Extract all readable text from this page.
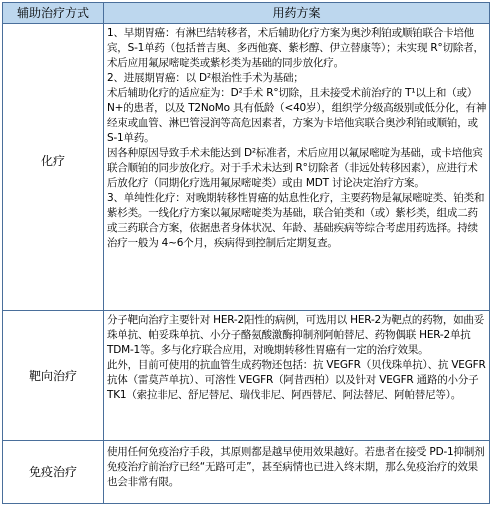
辅助治疗方式	用药方案
化疗

1、早期胃癌：有淋巴结转移者，术后辅助化疗方案为奥沙利铂或顺铂联合卡培他宾，S-1单药（包括普吉奥、多西他赛、紫杉醇、伊立替康等）；未实现 R°切除者，术后应用氟尿嘧啶类或紫杉类为基础的同步放化疗。

2、进展期胃癌：以 D²根治性手术为基础；

术后辅助化疗的适应症为：D²手术 R°切除，且未接受术前治疗的 T¹以上和（或）N+的患者，以及 T2NoMo 具有低龄（<40岁），组织学分级高级别或低分化，有神经束或血管、淋巴管浸润等高危因素者，方案为卡培他宾联合奥沙利铂或顺铂，或 S-1单药。

因各种原因导致手术未能达到 D²标准者，术后应用以氟尿嘧啶为基础，或卡培他宾联合顺铂的同步放化疗。对于手术未达到 R°切除者（非远处转移因素），应进行术后放化疗（同期化疗选用氟尿嘧啶类）或由 MDT 讨论决定治疗方案。

3、单纯性化疗：对晚期转移性胃癌的姑息性化疗，主要药物是氟尿嘧啶类、铂类和紫杉类。一线化疗方案以氟尿嘧啶类为基础，联合铂类和（或）紫杉类，组成二药或三药联合方案，依据患者身体状况、年龄、基础疾病等综合考虑用药选择。持续治疗一般为 4~6个月，疾病得到控制后定期复查。

靶向治疗

分子靶向治疗主要针对 HER-2阳性的病例，可选用以 HER-2为靶点的药物，如曲妥珠单抗、帕妥珠单抗、小分子酪氨酸激酶抑制剂阿帕替尼、药物偶联 HER-2单抗 TDM-1等。多与化疗联合应用，对晚期转移性胃癌有一定的治疗效果。

此外，目前可使用的抗血管生成药物还包括：抗 VEGFR（贝伐珠单抗）、抗 VEGFR 抗体（雷莫芦单抗）、可溶性 VEGFR（阿昔西柏）以及针对 VEGFR 通路的小分子 TK1（索拉非尼、舒尼替尼、瑞伐非尼、阿西替尼、阿法替尼、阿帕替尼等）。

免疫治疗

使用任何免疫治疗手段，其原则都是越早使用效果越好。若患者在接受 PD-1抑制剂免疫治疗前治疗已经“无路可走”，甚至病情也已进入终末期，那么免疫治疗的效果也会非常有限。
